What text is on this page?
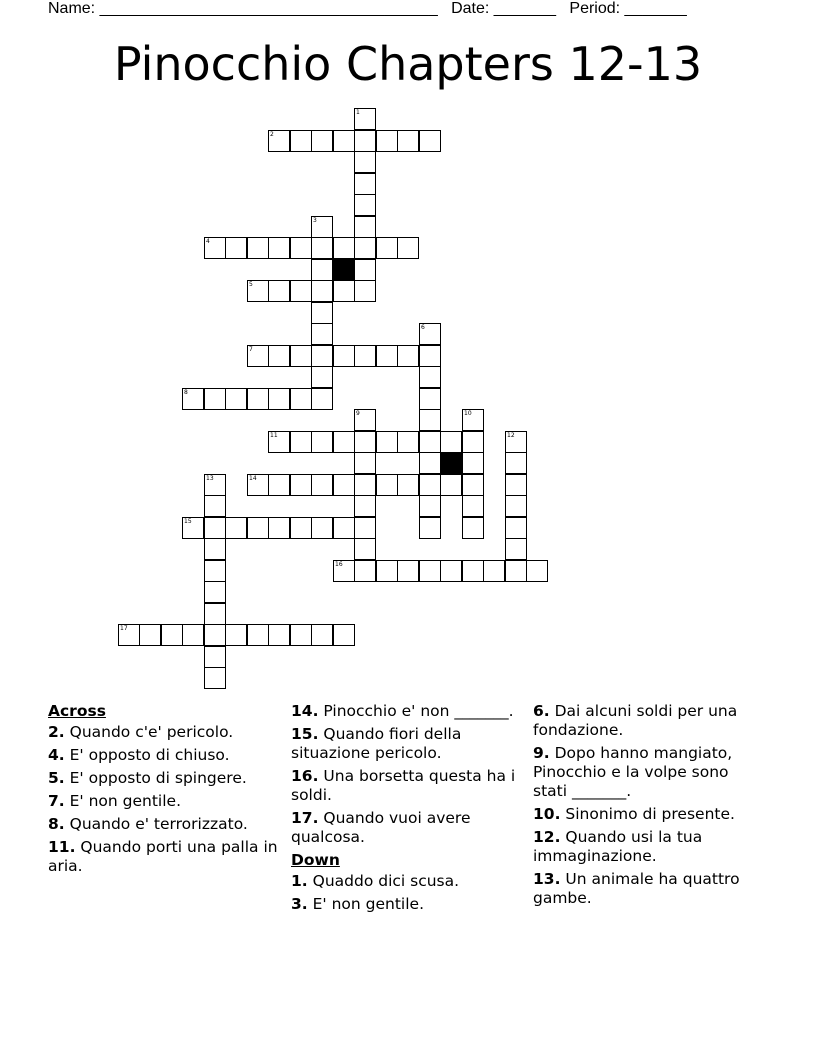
Name: ______________________________________ Date: _______ Period: _______
Pinocchio Chapters 12-13
1
2
3
4
5
6
7
8
9	10
11	12
13	14
15
16
17
Across
2. Quando c'e' pericolo.
4. E' opposto di chiuso.
5. E' opposto di spingere.
7. E' non gentile.
8. Quando e' terrorizzato.
11. Quando porti una palla in aria.
14. Pinocchio e' non _______.
15. Quando fiori della situazione pericolo.
16. Una borsetta questa ha i soldi.
17. Quando vuoi avere qualcosa.
Down
1. Quaddo dici scusa.
3. E' non gentile.
6. Dai alcuni soldi per una fondazione.
9. Dopo hanno mangiato, Pinocchio e la volpe sono stati _______.
10. Sinonimo di presente.
12. Quando usi la tua immaginazione.
13. Un animale ha quattro gambe.
